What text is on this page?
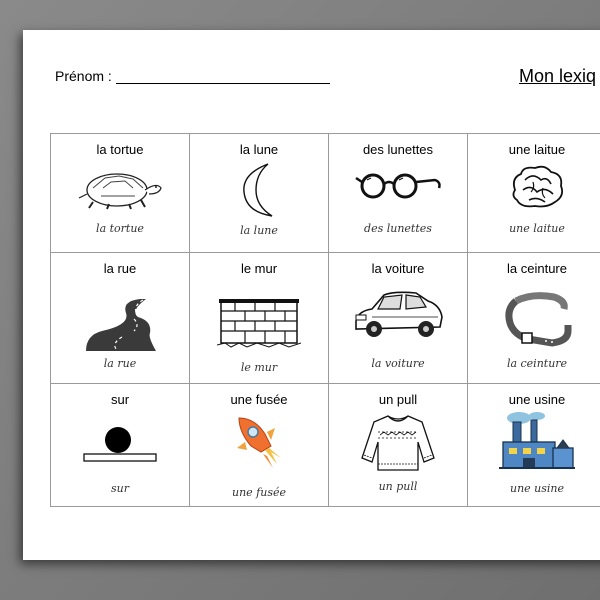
Prénom :	Mon lexiq
la tortue
la tortue
la lune
la lune
des lunettes
des lunettes
une laitue
une laitue
la rue
la rue
le mur
le mur
la voiture
la voiture
la ceinture
la ceinture
sur
sur
une fusée
une fusée
un pull
un pull
une usine
une usine
